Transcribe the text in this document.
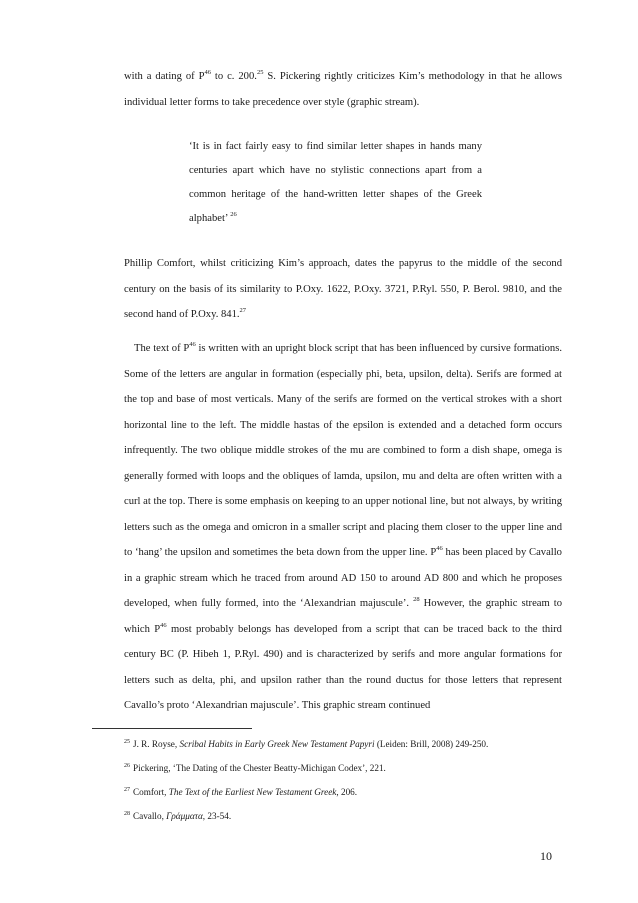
with a dating of $P^{46}$ to c. 200.25 S. Pickering rightly criticizes Kim’s methodology in that he allows individual letter forms to take precedence over style (graphic stream).

‘It is in fact fairly easy to find similar letter shapes in hands many centuries apart which have no stylistic connections apart from a common heritage of the hand-written letter shapes of the Greek alphabet’ $^{26}$

Phillip Comfort, whilst criticizing Kim’s approach, dates the papyrus to the middle of the second century on the basis of its similarity to P.Oxy. 1622, P.Oxy. 3721, P.Ryl. 550, P. Berol. 9810, and the second hand of P.Oxy. 841.27

The text of $P^{46}$ is written with an upright block script that has been influenced by cursive formations. Some of the letters are angular in formation (especially phi, beta, upsilon, delta). Serifs are formed at the top and base of most verticals. Many of the serifs are formed on the vertical strokes with a short horizontal line to the left. The middle hastas of the epsilon is extended and a detached form occurs infrequently. The two oblique middle strokes of the mu are combined to form a dish shape, omega is generally formed with loops and the obliques of lamda, upsilon, mu and delta are often written with a curl at the top. There is some emphasis on keeping to an upper notional line, but not always, by writing letters such as the omega and omicron in a smaller script and placing them closer to the upper line and to ‘hang’ the upsilon and sometimes the beta down from the upper line. $P^{46}$ has been placed by Cavallo in a graphic stream which he traced from around AD 150 to around AD 800 and which he proposes developed, when fully formed, into the ‘Alexandrian majuscule’. $^{28}$ However, the graphic stream to which $P^{46}$ most probably belongs has developed from a script that can be traced back to the third century BC (P. Hibeh 1, P.Ryl. 490) and is characterized by serifs and more angular formations for letters such as delta, phi, and upsilon rather than the round ductus for those letters that represent Cavallo’s proto ‘Alexandrian majuscule’. This graphic stream continued

$^{25}$ J. R. Royse, Scribal Habits in Early Greek New Testament Papyri (Leiden: Brill, 2008) 249-250.
$^{26}$ Pickering, ‘The Dating of the Chester Beatty-Michigan Codex’, 221.
$^{27}$ Comfort, The Text of the Earliest New Testament Greek, 206.
$^{28}$ Cavallo, Γράμματα, 23-54.
10
